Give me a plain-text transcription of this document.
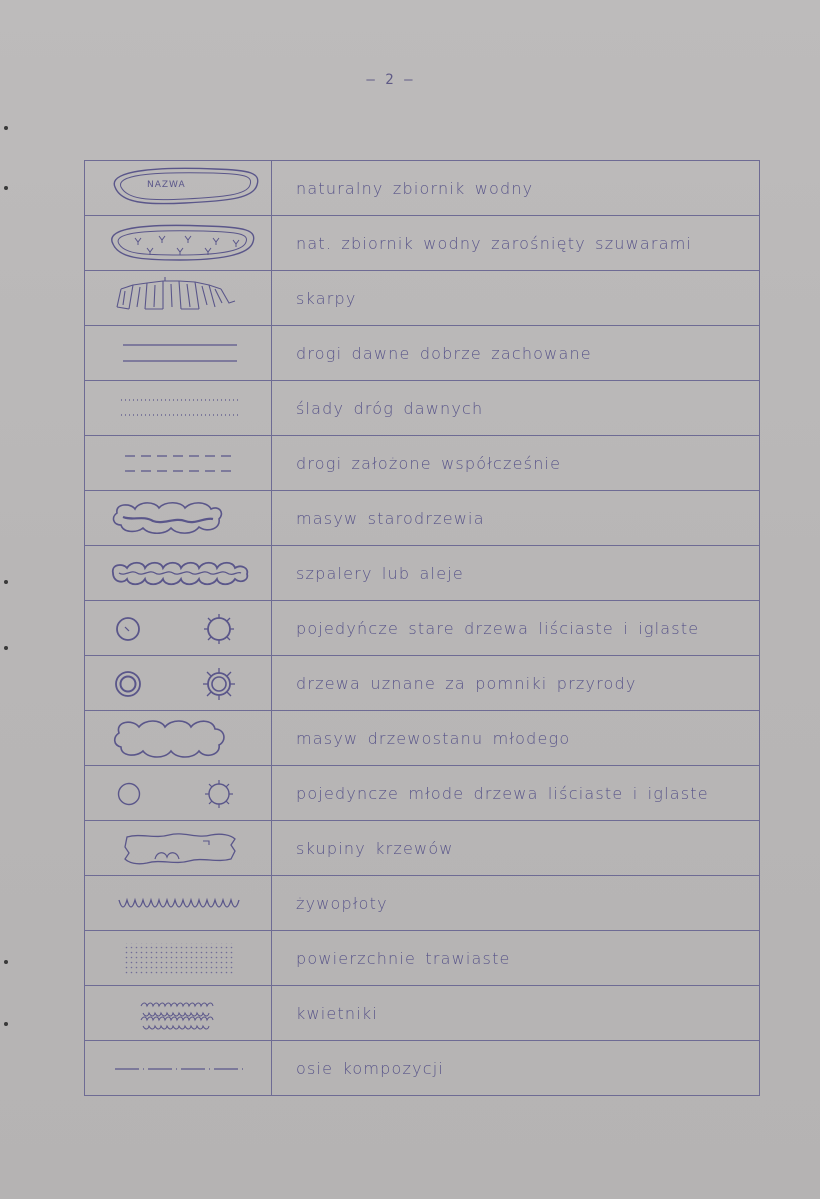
– 2 –
NAZWA	naturalny zbiornik wodny

	nat. zbiornik wodny zarośnięty szuwarami

	skarpy

	drogi dawne dobrze zachowane

	ślady dróg dawnych

	drogi założone współcześnie

	masyw starodrzewia

	szpalery lub aleje

	pojedyńcze stare drzewa liściaste i iglaste

	drzewa uznane za pomniki przyrody

	masyw drzewostanu młodego

	pojedyncze młode drzewa liściaste i iglaste

	skupiny krzewów

	żywopłoty

	powierzchnie trawiaste

	kwietniki

	osie kompozycji
